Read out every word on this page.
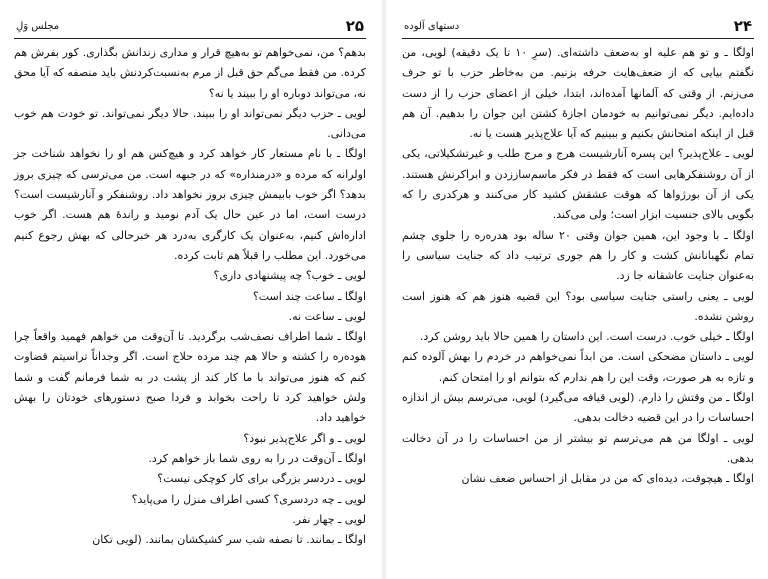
۲۵
مجلس وَلِ

بدهم؟ من، نمی‌خواهم تو به‌هیچ قرار و مداری زندانش بگذاری. کور بفرش هم کرده. من فقط می‌گم حق قبل از مرم به‌نسبت‌کردنش باید منصفه که آیا محق نه، می‌تواند دوباره او را ببیند یا نه؟

لویی ـ حزب دیگر نمی‌تواند او را ببیند. حالا دیگر نمی‌تواند. تو خودت هم خوب می‌دانی.

اولگا ـ با نام مستعار کار خواهد کرد و هیچ‌کس هم او را نخواهد شناخت جز اولرانه که مرده و «درمنداره» که در جبهه است. من می‌ترسی که چیزی بروز بدهد؟ اگر خوب بابیمش چیزی بروز نخواهد داد. روشنفکر و آنارشیست است؟ درست است، اما در عین حال یک آدم نومید و راندۀ هم هست. اگر خوب اداره‌اش کنیم، به‌عنوان یک کارگری به‌درد هر خبرحالی که بهش رجوع کنیم می‌خورد. این مطلب را قبلاً هم ثابت کرده.

لویی ـ خوب؟ چه پیشنهادی داری؟

اولگا ـ ساعت چند است؟

لویی ـ ساعت نه.

اولگا ـ شما اطراف نصف‌شب برگردید. تا آن‌وقت من خواهم فهمید واقعاً چرا هوده‌ره را کشته و حالا هم چند مرده حلاج است. اگر وجداناً تراسیتم قضاوت کنم که هنوز می‌تواند با ما کار کند از پشت در به شما فرمانم گفت و شما ولش خواهید کرد تا راحت بخوابد و فردا صبح دستورهای خودتان را بهش خواهید داد.

لویی ـ و اگر علاج‌پذیر نبود؟

اولگا ـ آن‌وقت در را به روی شما باز خواهم کرد.

لویی ـ دردسر بزرگی برای کار کوچکی نیست؟

لویی ـ چه دردسری؟ کسی اطراف منزل را می‌پاید؟

لویی ـ چهار نفر.

اولگا ـ بمانند. تا نصفه شب سر کشیکشان بمانند. (لویی تکان

۲۴
دستهای آلوده

اولگا ـ و تو هم علیه او به‌ضعف داشته‌ای. (سرِ ۱۰ تا یک دقیقه) لویی، من نگفتم بیایی که از ضعف‌هایت حرفه بزنیم. من به‌خاطر حزب با تو حرف می‌زنم. از وقتی که آلمانها آمده‌اند، ابتدا، خیلی از اعضای حزب را از دست داده‌ایم. دیگر نمی‌توانیم به خودمان اجازۀ کشتن این جوان را بدهیم. آن هم قبل از اینکه امتحانش بکنیم و ببینیم که آیا علاج‌پذیر هست یا نه.

لویی ـ علاج‌پذیر؟ این پسره آنارشیست هرج و مرج طلب و غیرتشکیلاتی، یکی از آن روشنفکرهایی است که فقط در فکر ماسم‌ساززدن و ابراکرنش هستند. یکی از آن بورژواها که هوقت عشقش کشید کار می‌کنند و هرکدری را که بگویی بالای جنسیت ابزار است؛ ولی می‌کند.

اولگا ـ با وجود این، همین جوان وقتی ۲۰ ساله بود هدره‌ره را جلوی چشم تمام نگهبانانش کشت و کار را هم جوری ترتیب داد که جنایت سیاسی را به‌عنوان جنایت عاشقانه جا زد.

لویی ـ یعنی راستی جنایت سیاسی بود؟ این قضیه هنوز هم که هنوز است روشن نشده.

اولگا ـ خیلی خوب. درست است. این داستان را همین حالا باید روشن کرد.

لویی ـ داستان مضحکی است. من ابداً نمی‌خواهم در خردم را بهش آلوده کنم و تازه به هر صورت، وقت این را هم ندارم که بتوانم او را امتحان کنم.

اولگا ـ من وقتش را دارم. (لویی قیافه می‌گیرد) لویی، می‌ترسم بیش از اندازه احساسات را در این قضیه دخالت بدهی.

لویی ـ اولگا من هم می‌ترسم تو بیشتر از من احساسات را در آن دخالت بدهی.

اولگا ـ هیچوقت، دیده‌ای که من در مقابل از احساس ضعف نشان
